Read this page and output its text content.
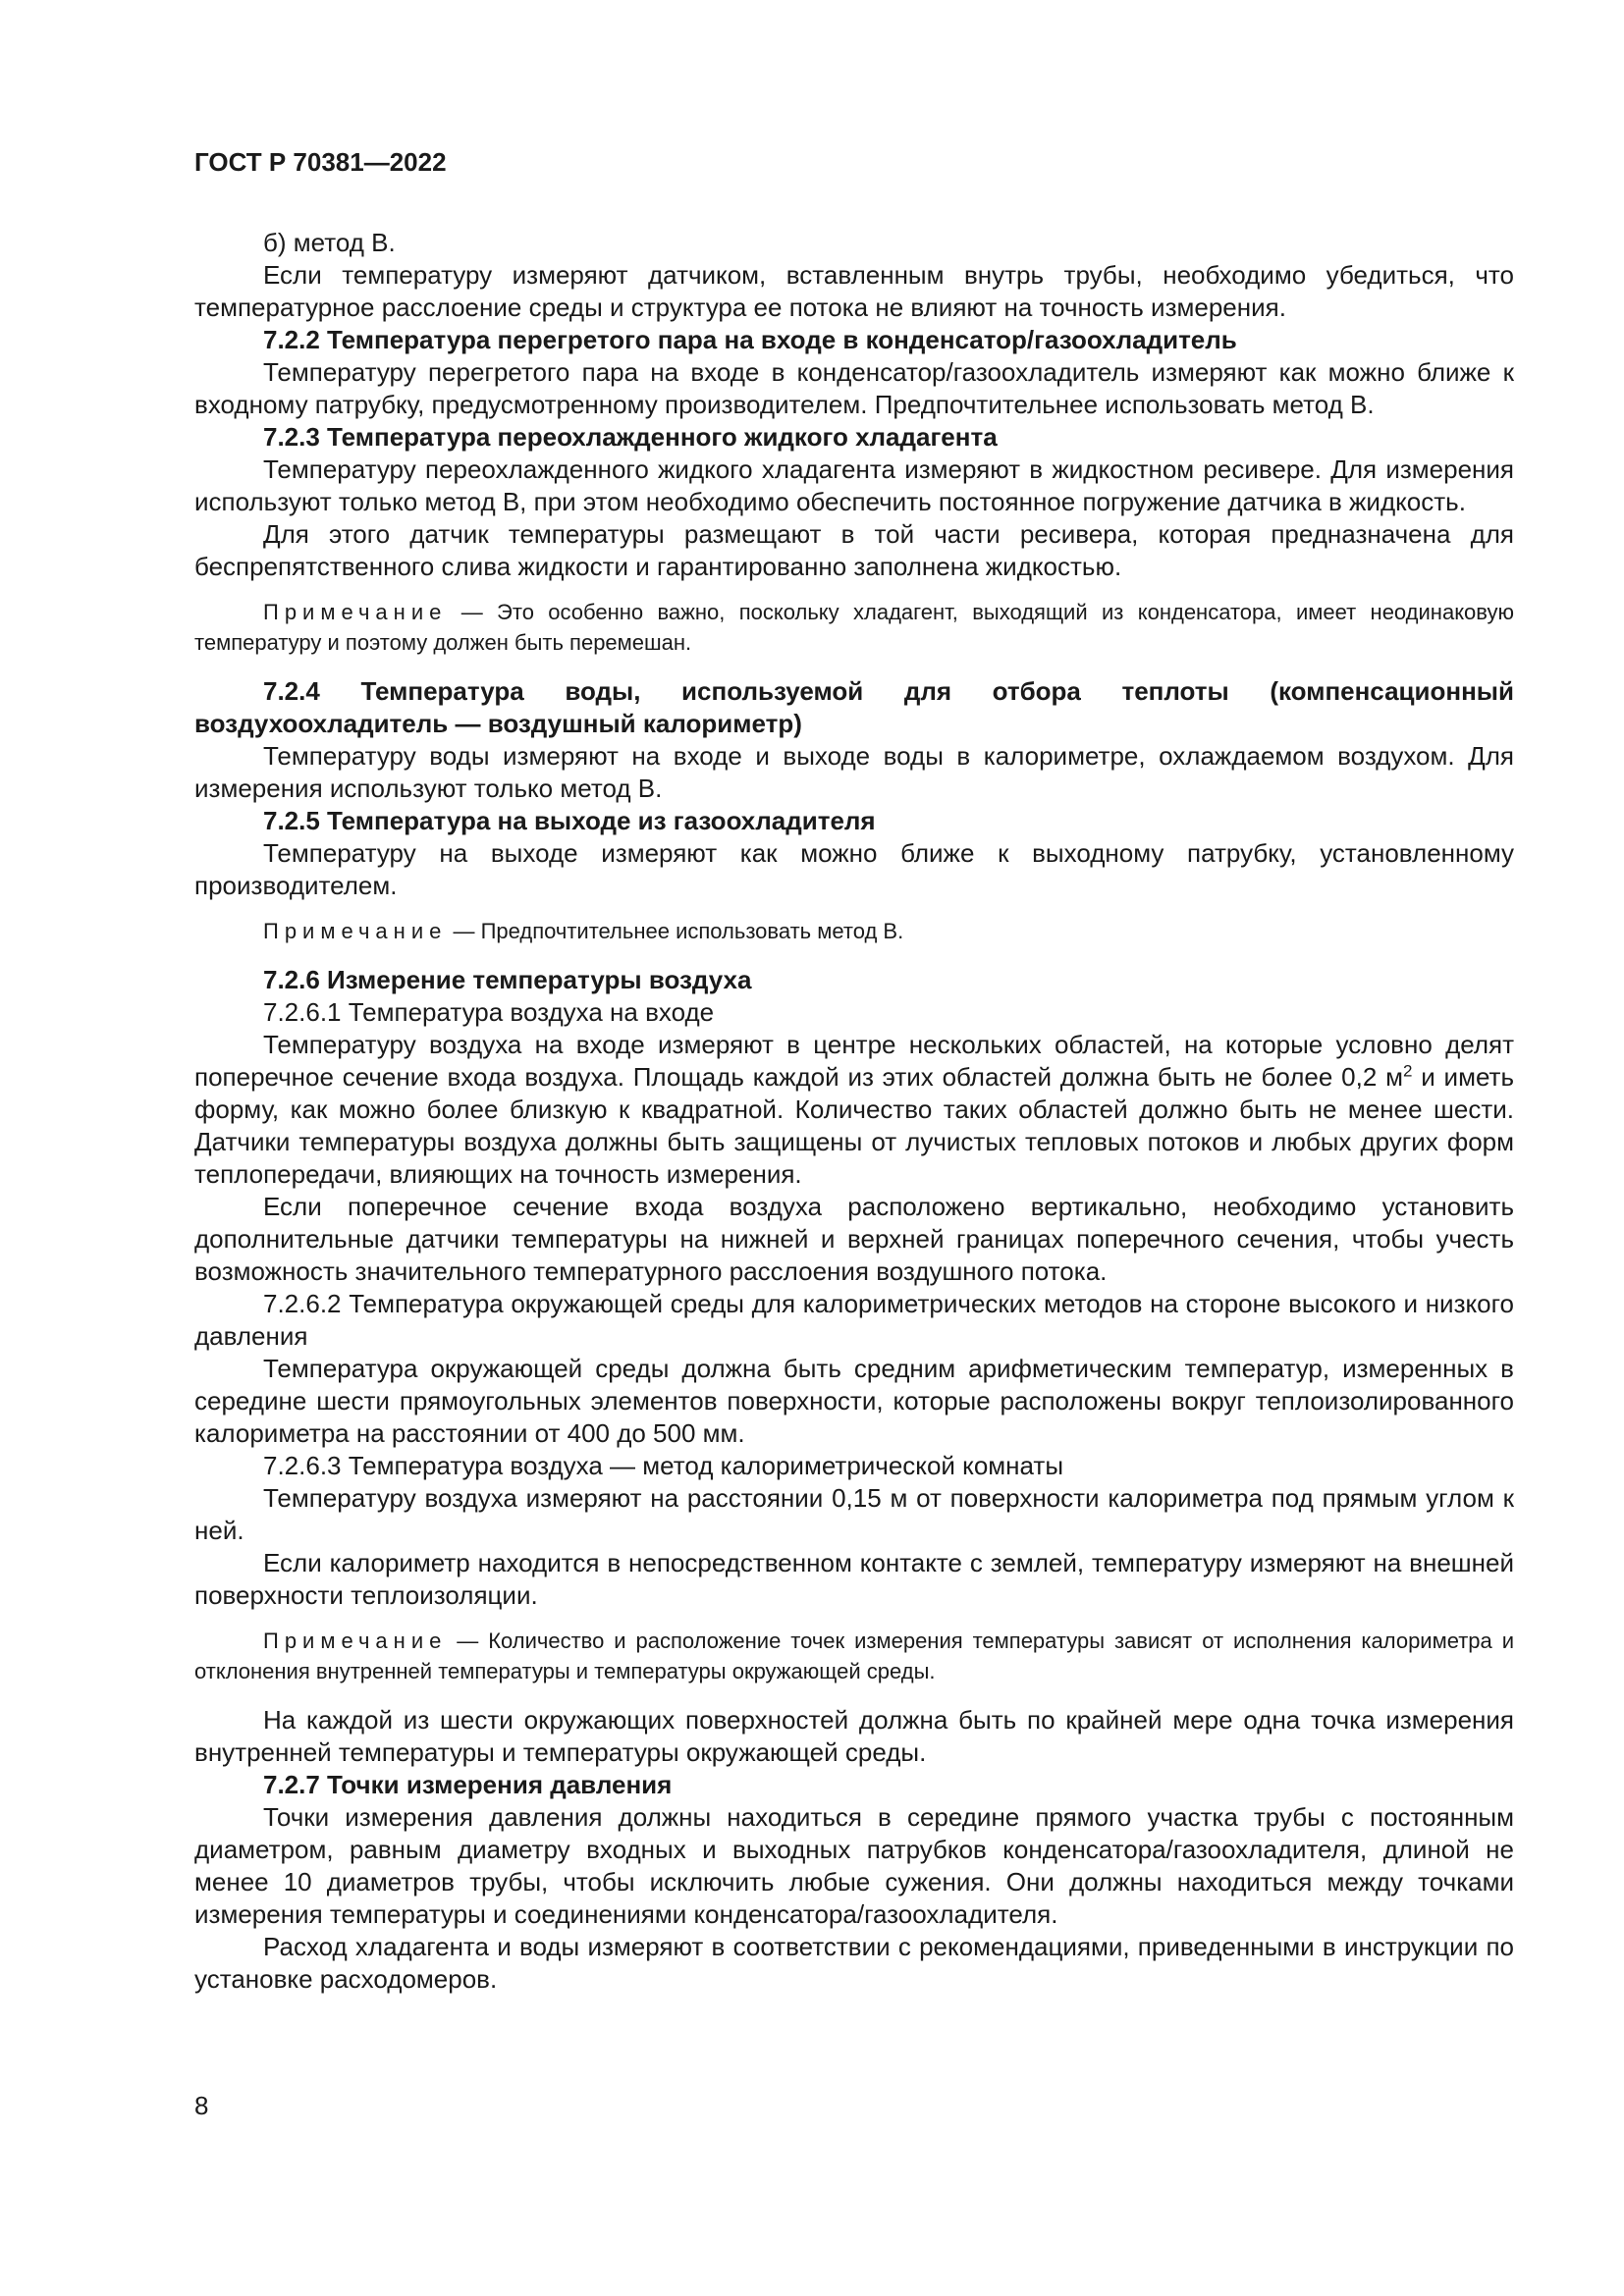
ГОСТ Р 70381—2022

б) метод В.

Если температуру измеряют датчиком, вставленным внутрь трубы, необходимо убедиться, что температурное расслоение среды и структура ее потока не влияют на точность измерения.

7.2.2 Температура перегретого пара на входе в конденсатор/газоохладитель

Температуру перегретого пара на входе в конденсатор/газоохладитель измеряют как можно ближе к входному патрубку, предусмотренному производителем. Предпочтительнее использовать метод В.

7.2.3 Температура переохлажденного жидкого хладагента

Температуру переохлажденного жидкого хладагента измеряют в жидкостном ресивере. Для измерения используют только метод В, при этом необходимо обеспечить постоянное погружение датчика в жидкость.

Для этого датчик температуры размещают в той части ресивера, которая предназначена для беспрепятственного слива жидкости и гарантированно заполнена жидкостью.

Примечание — Это особенно важно, поскольку хладагент, выходящий из конденсатора, имеет неодинаковую температуру и поэтому должен быть перемешан.

7.2.4 Температура воды, используемой для отбора теплоты (компенсационный воздухоохладитель — воздушный калориметр)

Температуру воды измеряют на входе и выходе воды в калориметре, охлаждаемом воздухом. Для измерения используют только метод В.

7.2.5 Температура на выходе из газоохладителя

Температуру на выходе измеряют как можно ближе к выходному патрубку, установленному производителем.

Примечание — Предпочтительнее использовать метод В.

7.2.6 Измерение температуры воздуха

7.2.6.1 Температура воздуха на входе

Температуру воздуха на входе измеряют в центре нескольких областей, на которые условно делят поперечное сечение входа воздуха. Площадь каждой из этих областей должна быть не более 0,2 $м^2$ и иметь форму, как можно более близкую к квадратной. Количество таких областей должно быть не менее шести. Датчики температуры воздуха должны быть защищены от лучистых тепловых потоков и любых других форм теплопередачи, влияющих на точность измерения.

Если поперечное сечение входа воздуха расположено вертикально, необходимо установить дополнительные датчики температуры на нижней и верхней границах поперечного сечения, чтобы учесть возможность значительного температурного расслоения воздушного потока.

7.2.6.2 Температура окружающей среды для калориметрических методов на стороне высокого и низкого давления

Температура окружающей среды должна быть средним арифметическим температур, измеренных в середине шести прямоугольных элементов поверхности, которые расположены вокруг теплоизолированного калориметра на расстоянии от 400 до 500 мм.

7.2.6.3 Температура воздуха — метод калориметрической комнаты

Температуру воздуха измеряют на расстоянии 0,15 м от поверхности калориметра под прямым углом к ней.

Если калориметр находится в непосредственном контакте с землей, температуру измеряют на внешней поверхности теплоизоляции.

Примечание — Количество и расположение точек измерения температуры зависят от исполнения калориметра и отклонения внутренней температуры и температуры окружающей среды.

На каждой из шести окружающих поверхностей должна быть по крайней мере одна точка измерения внутренней температуры и температуры окружающей среды.

7.2.7 Точки измерения давления

Точки измерения давления должны находиться в середине прямого участка трубы с постоянным диаметром, равным диаметру входных и выходных патрубков конденсатора/газоохладителя, длиной не менее 10 диаметров трубы, чтобы исключить любые сужения. Они должны находиться между точками измерения температуры и соединениями конденсатора/газоохладителя.

Расход хладагента и воды измеряют в соответствии с рекомендациями, приведенными в инструкции по установке расходомеров.

8
